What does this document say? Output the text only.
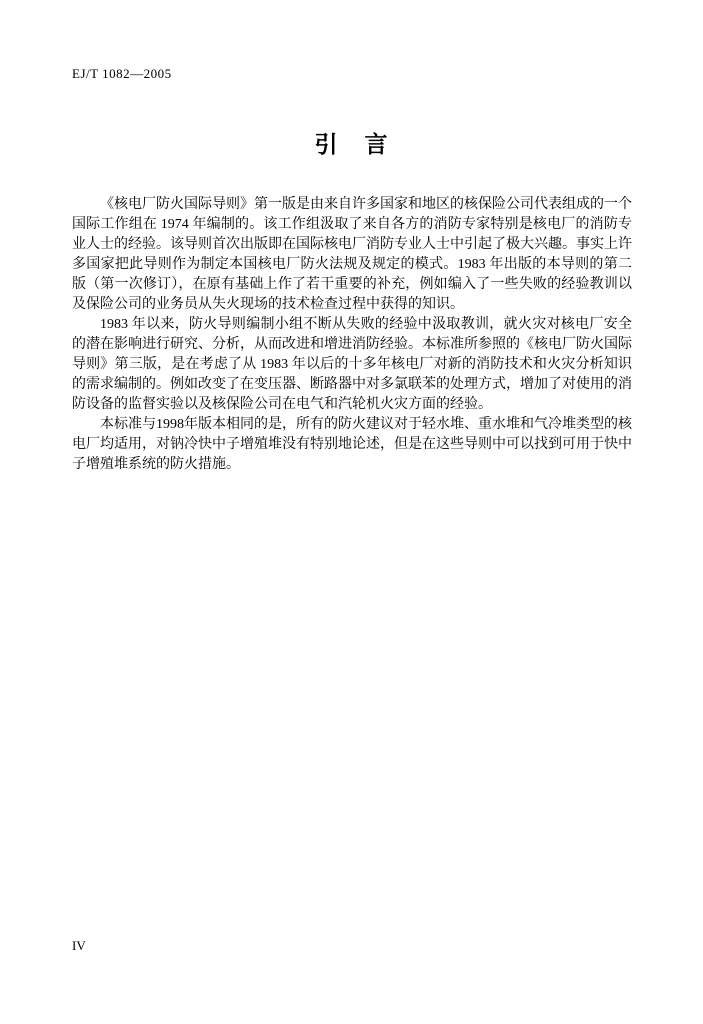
EJ/T 1082—2005
引　言

《核电厂防火国际导则》第一版是由来自许多国家和地区的核保险公司代表组成的一个国际工作组在 1974 年编制的。该工作组汲取了来自各方的消防专家特别是核电厂的消防专业人士的经验。该导则首次出版即在国际核电厂消防专业人士中引起了极大兴趣。事实上许多国家把此导则作为制定本国核电厂防火法规及规定的模式。1983 年出版的本导则的第二版（第一次修订），在原有基础上作了若干重要的补充，例如编入了一些失败的经验教训以及保险公司的业务员从失火现场的技术检查过程中获得的知识。

1983 年以来，防火导则编制小组不断从失败的经验中汲取教训，就火灾对核电厂安全的潜在影响进行研究、分析，从而改进和增进消防经验。本标准所参照的《核电厂防火国际导则》第三版，是在考虑了从 1983 年以后的十多年核电厂对新的消防技术和火灾分析知识的需求编制的。例如改变了在变压器、断路器中对多氯联苯的处理方式，增加了对使用的消防设备的监督实验以及核保险公司在电气和汽轮机火灾方面的经验。

本标准与1998年版本相同的是，所有的防火建议对于轻水堆、重水堆和气冷堆类型的核电厂均适用，对钠冷快中子增殖堆没有特别地论述，但是在这些导则中可以找到可用于快中子增殖堆系统的防火措施。

IV
